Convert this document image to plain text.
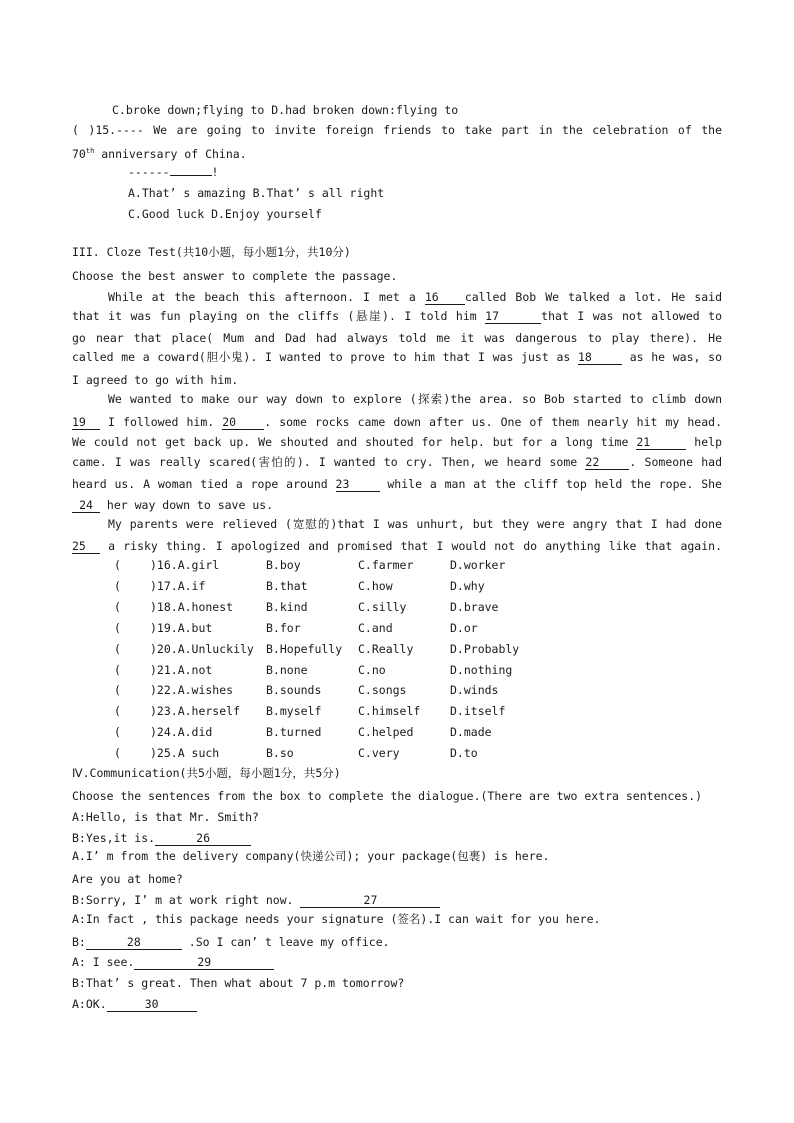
C.broke down;flying to D.had broken down:flying to
( )15.---- We are going to invite foreign friends to take part in the celebration of the
70th anniversary of China.
------	!
A.That’ s amazing B.That’ s all right
C.Good luck D.Enjoy yourself
III. Cloze Test(共10小题，每小题1分，共10分)
Choose the best answer to complete the passage.
While at the beach this afternoon. I met a 16 called Bob We talked a lot. He said
that it was fun playing on the cliffs (悬崖). I told him 17	that I was not allowed to
go near that place( Mum and Dad had always told me it was dangerous to play there). He
called me a coward(胆小鬼). I wanted to prove to him that I was just as 18	as he was, so
I agreed to go with him.
We wanted to make our way down to explore (探索)the area. so Bob started to climb down
19 I followed him. 20 . some rocks came down after us. One of them nearly hit my head.
We could not get back up. We shouted and shouted for help. but for a long time 21	help
came. I was really scared(害怕的). I wanted to cry. Then, we heard some 22	. Someone had
heard us. A woman tied a rope around 23	while a man at the cliff top held the rope. She
24 her way down to save us.
My parents were relieved (宽慰的)that I was unhurt, but they were angry that I had done
25 a risky thing. I apologized and promised that I would not do anything like that again.
(	)16.A.girl	B.boy	C.farmer	D.worker
(	)17.A.if	B.that	C.how	D.why
(	)18.A.honest	B.kind	C.silly	D.brave
(	)19.A.but	B.for	C.and	D.or
(	)20.A.Unluckily B.Hopefully C.Really	D.Probably
(	)21.A.not	B.none	C.no	D.nothing
(	)22.A.wishes	B.sounds	C.songs	D.winds
(	)23.A.herself B.myself	C.himself	D.itself
(	)24.A.did	B.turned	C.helped	D.made
(	)25.A such	B.so	C.very	D.to
Ⅳ.Communication(共5小题，每小题1分，共5分)
Choose the sentences from the box to complete the dialogue.(There are two extra sentences.)
A:Hello, is that Mr. Smith?
B:Yes,it is.	26
A.I’ m from the delivery company(快递公司); your package(包裹) is here.
Are you at home?
B:Sorry, I’ m at work right now.	27
A:In fact , this package needs your signature (签名).I can wait for you here.
B:	28	.So I can’ t leave my office.
A: I see.	29
B:That’ s great. Then what about 7 p.m tomorrow?
A:OK.	30
